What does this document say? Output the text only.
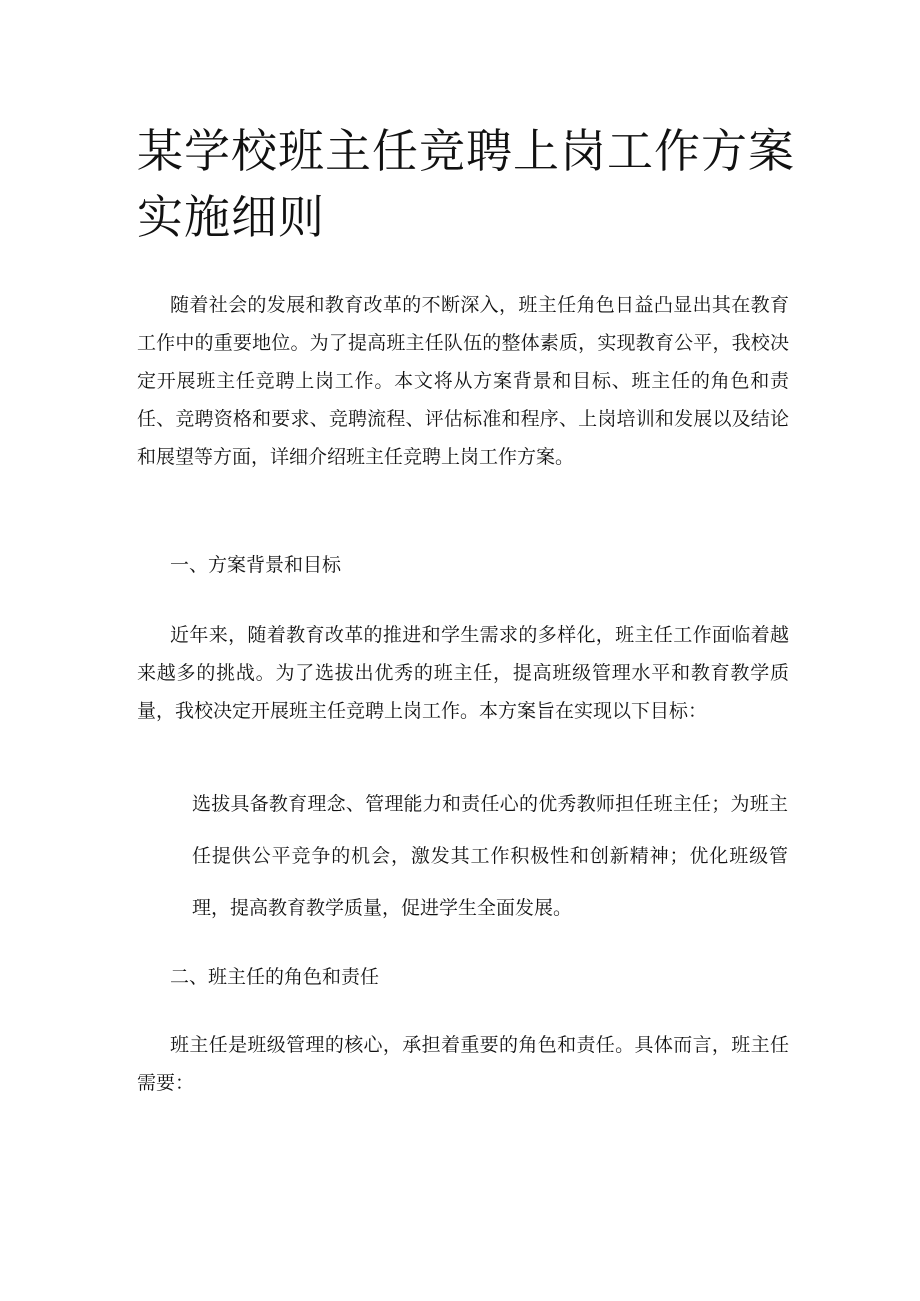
某学校班主任竞聘上岗工作方案实施细则

随着社会的发展和教育改革的不断深入，班主任角色日益凸显出其在教育工作中的重要地位。为了提高班主任队伍的整体素质，实现教育公平，我校决定开展班主任竞聘上岗工作。本文将从方案背景和目标、班主任的角色和责任、竞聘资格和要求、竞聘流程、评估标准和程序、上岗培训和发展以及结论和展望等方面，详细介绍班主任竞聘上岗工作方案。

一、方案背景和目标

近年来，随着教育改革的推进和学生需求的多样化，班主任工作面临着越来越多的挑战。为了选拔出优秀的班主任，提高班级管理水平和教育教学质量，我校决定开展班主任竞聘上岗工作。本方案旨在实现以下目标：

选拔具备教育理念、管理能力和责任心的优秀教师担任班主任；为班主任提供公平竞争的机会，激发其工作积极性和创新精神；优化班级管理，提高教育教学质量，促进学生全面发展。

二、班主任的角色和责任

班主任是班级管理的核心，承担着重要的角色和责任。具体而言，班主任需要：
